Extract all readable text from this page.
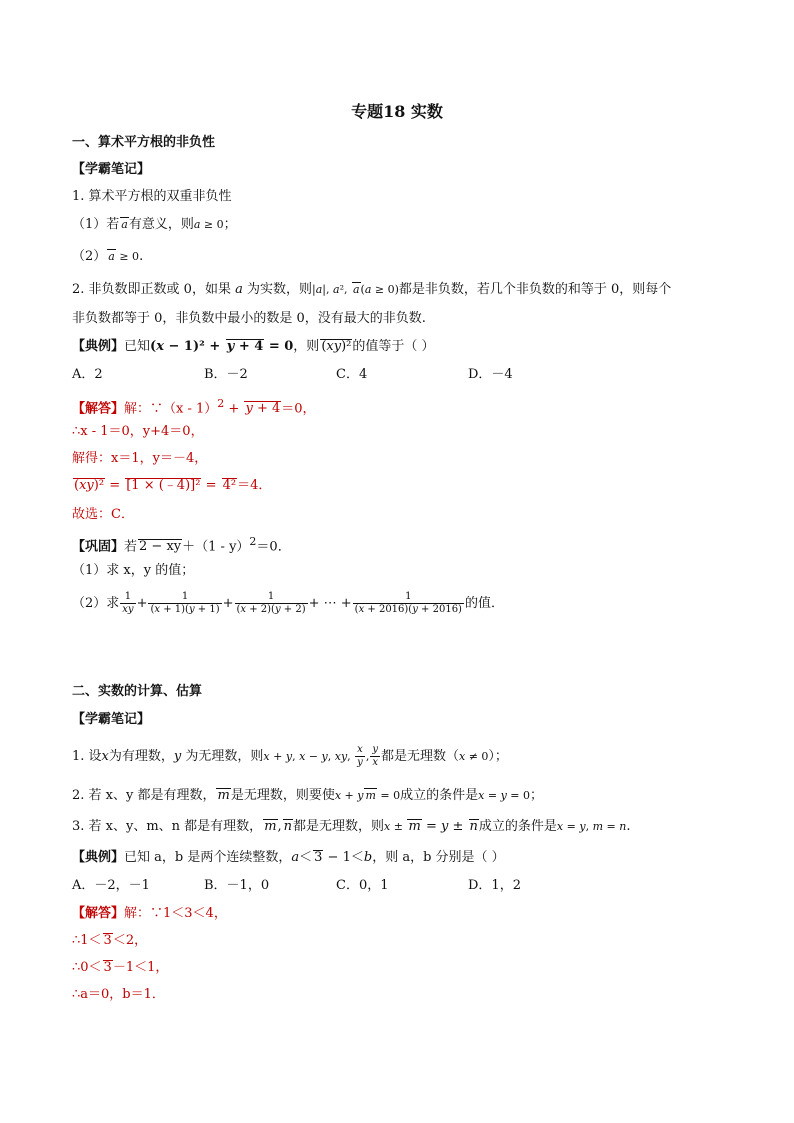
专题18 实数
一、算术平方根的非负性
【学霸笔记】
1. 算术平方根的双重非负性
（1）若 a有意义，则a ≥ 0；
（2） a ≥ 0.
2. 非负数即正数或 0，如果 a 为实数，则|a|, a², a(a ≥ 0)都是非负数，若几个非负数的和等于 0，则每个
非负数都等于 0，非负数中最小的数是 0，没有最大的非负数.
【典例】已知(x − 1)² + y + 4 = 0，则 (xy)²的值等于（ ）
A．2	B．－2	C．4	D．－4
【解答】解：∵（x - 1）$^2$ + y + 4＝0，
∴x - 1＝0，y+4＝0，
解得：x＝1，y＝－4，
(xy)² = [1 × (﹣4)]² = 4²＝4．
故选：C．
【巩固】若 2 − xy＋（1 - y）$^2$＝0．
（1）求 x，y 的值；
（2）求 $\frac{1}{xy} + \frac{1}{(x + 1)(y + 1)} + \frac{1}{(x + 2)(y + 2)}$ + ⋯ + $\frac{1}{(x + 2016)(y + 2016)}$ 的值．
二、实数的计算、估算
【学霸笔记】
1. 设x为有理数，y 为无理数，则x + y, x − y, xy, $\frac{x}{y}$ , $\frac{y}{x}$ 都是无理数（x ≠ 0）；
2. 若 x、y 都是有理数， m是无理数，则要使x + y m = 0成立的条件是x = y = 0；
3. 若 x、y、m、n 都是有理数， m, n都是无理数，则x ± m = y ± n成立的条件是x = y, m = n.
【典例】已知 a，b 是两个连续整数，a＜ 3 − 1＜b，则 a，b 分别是（ ）
A．－2，－1	B．－1，0	C．0，1	D．1，2
【解答】解：∵1＜3＜4，
∴1＜ 3＜2，
∴0＜ 3－1＜1，
∴a＝0，b＝1．
